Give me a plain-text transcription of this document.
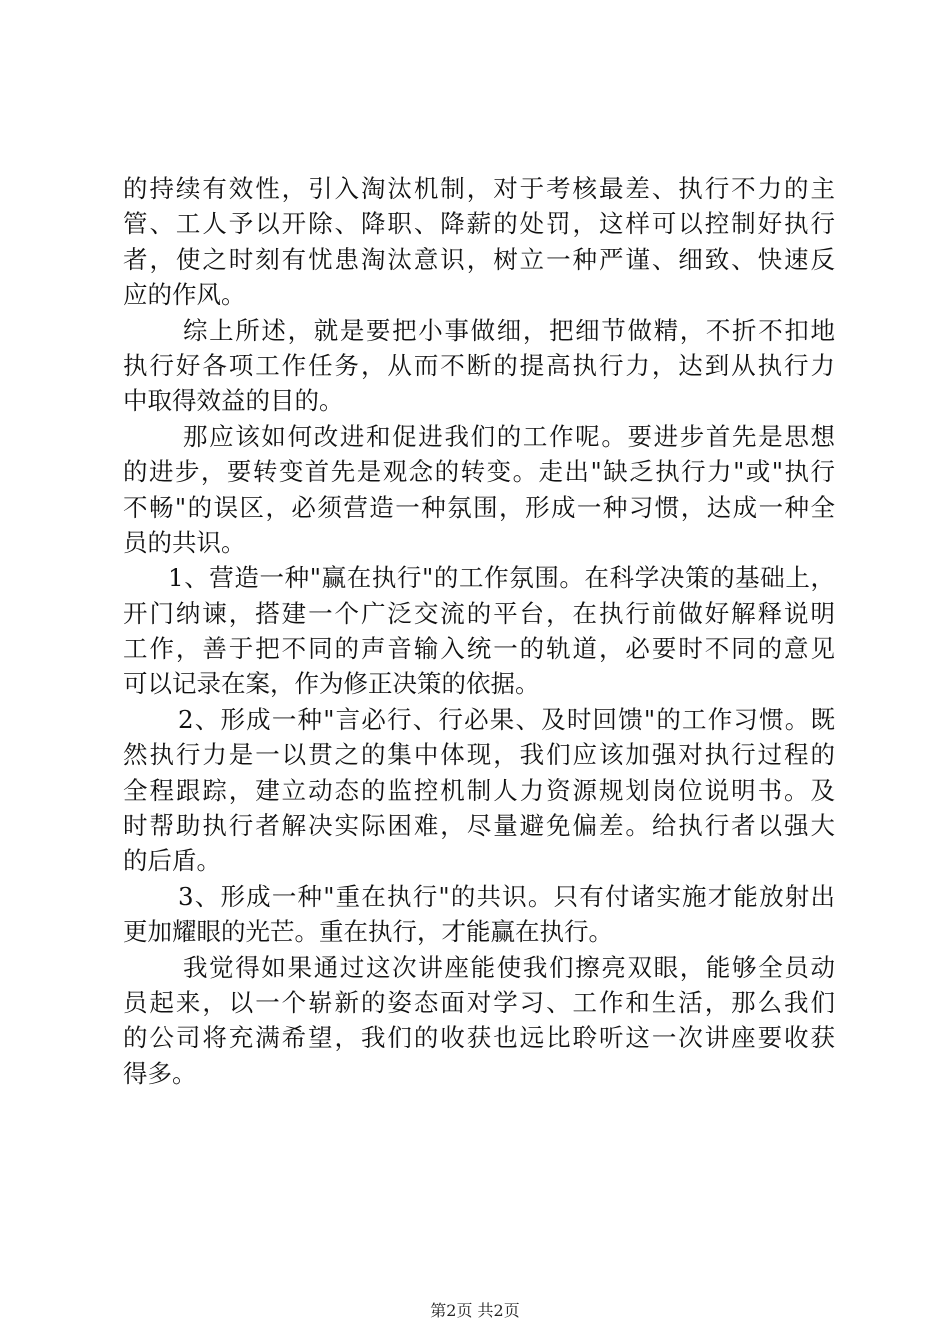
的持续有效性，引入淘汰机制，对于考核最差、执行不力的主
管、工人予以开除、降职、降薪的处罚，这样可以控制好执行
者，使之时刻有忧患淘汰意识，树立一种严谨、细致、快速反
应的作风。
综上所述，就是要把小事做细，把细节做精，不折不扣地
执行好各项工作任务，从而不断的提高执行力，达到从执行力
中取得效益的目的。
那应该如何改进和促进我们的工作呢。要进步首先是思想
的进步，要转变首先是观念的转变。走出"缺乏执行力"或"执行
不畅"的误区，必须营造一种氛围，形成一种习惯，达成一种全
员的共识。
1、营造一种"赢在执行"的工作氛围。在科学决策的基础上，
开门纳谏，搭建一个广泛交流的平台，在执行前做好解释说明
工作，善于把不同的声音输入统一的轨道，必要时不同的意见
可以记录在案，作为修正决策的依据。
2、形成一种"言必行、行必果、及时回馈"的工作习惯。既
然执行力是一以贯之的集中体现，我们应该加强对执行过程的
全程跟踪，建立动态的监控机制人力资源规划岗位说明书。及
时帮助执行者解决实际困难，尽量避免偏差。给执行者以强大
的后盾。
3、形成一种"重在执行"的共识。只有付诸实施才能放射出
更加耀眼的光芒。重在执行，才能赢在执行。
我觉得如果通过这次讲座能使我们擦亮双眼，能够全员动
员起来，以一个崭新的姿态面对学习、工作和生活，那么我们
的公司将充满希望，我们的收获也远比聆听这一次讲座要收获
得多。
第2页 共2页
